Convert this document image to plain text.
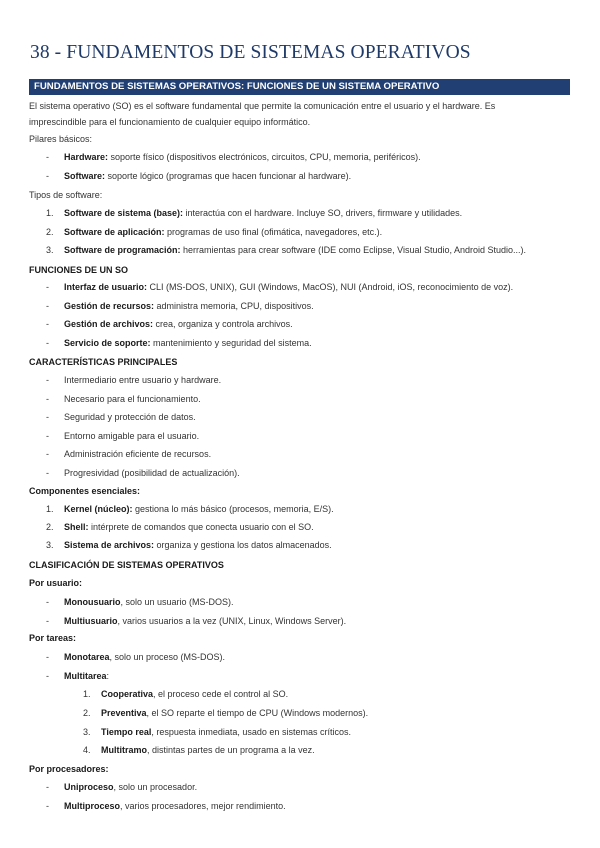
38 - FUNDAMENTOS DE SISTEMAS OPERATIVOS
FUNDAMENTOS DE SISTEMAS OPERATIVOS: FUNCIONES DE UN SISTEMA OPERATIVO
El sistema operativo (SO) es el software fundamental que permite la comunicación entre el usuario y el hardware. Es
imprescindible para el funcionamiento de cualquier equipo informático.
Pilares básicos:
- Hardware: soporte físico (dispositivos electrónicos, circuitos, CPU, memoria, periféricos).
- Software: soporte lógico (programas que hacen funcionar al hardware).
Tipos de software:
1. Software de sistema (base): interactúa con el hardware. Incluye SO, drivers, firmware y utilidades.
2. Software de aplicación: programas de uso final (ofimática, navegadores, etc.).
3. Software de programación: herramientas para crear software (IDE como Eclipse, Visual Studio, Android Studio...).
FUNCIONES DE UN SO
- Interfaz de usuario: CLI (MS-DOS, UNIX), GUI (Windows, MacOS), NUI (Android, iOS, reconocimiento de voz).
- Gestión de recursos: administra memoria, CPU, dispositivos.
- Gestión de archivos: crea, organiza y controla archivos.
- Servicio de soporte: mantenimiento y seguridad del sistema.
CARACTERÍSTICAS PRINCIPALES
- Intermediario entre usuario y hardware.
- Necesario para el funcionamiento.
- Seguridad y protección de datos.
- Entorno amigable para el usuario.
- Administración eficiente de recursos.
- Progresividad (posibilidad de actualización).
Componentes esenciales:
1. Kernel (núcleo): gestiona lo más básico (procesos, memoria, E/S).
2. Shell: intérprete de comandos que conecta usuario con el SO.
3. Sistema de archivos: organiza y gestiona los datos almacenados.
CLASIFICACIÓN DE SISTEMAS OPERATIVOS
Por usuario:
- Monousuario, solo un usuario (MS-DOS).
- Multiusuario, varios usuarios a la vez (UNIX, Linux, Windows Server).
Por tareas:
- Monotarea, solo un proceso (MS-DOS).
- Multitarea:
1. Cooperativa, el proceso cede el control al SO.
2. Preventiva, el SO reparte el tiempo de CPU (Windows modernos).
3. Tiempo real, respuesta inmediata, usado en sistemas críticos.
4. Multitramo, distintas partes de un programa a la vez.
Por procesadores:
- Uniproceso, solo un procesador.
- Multiproceso, varios procesadores, mejor rendimiento.
